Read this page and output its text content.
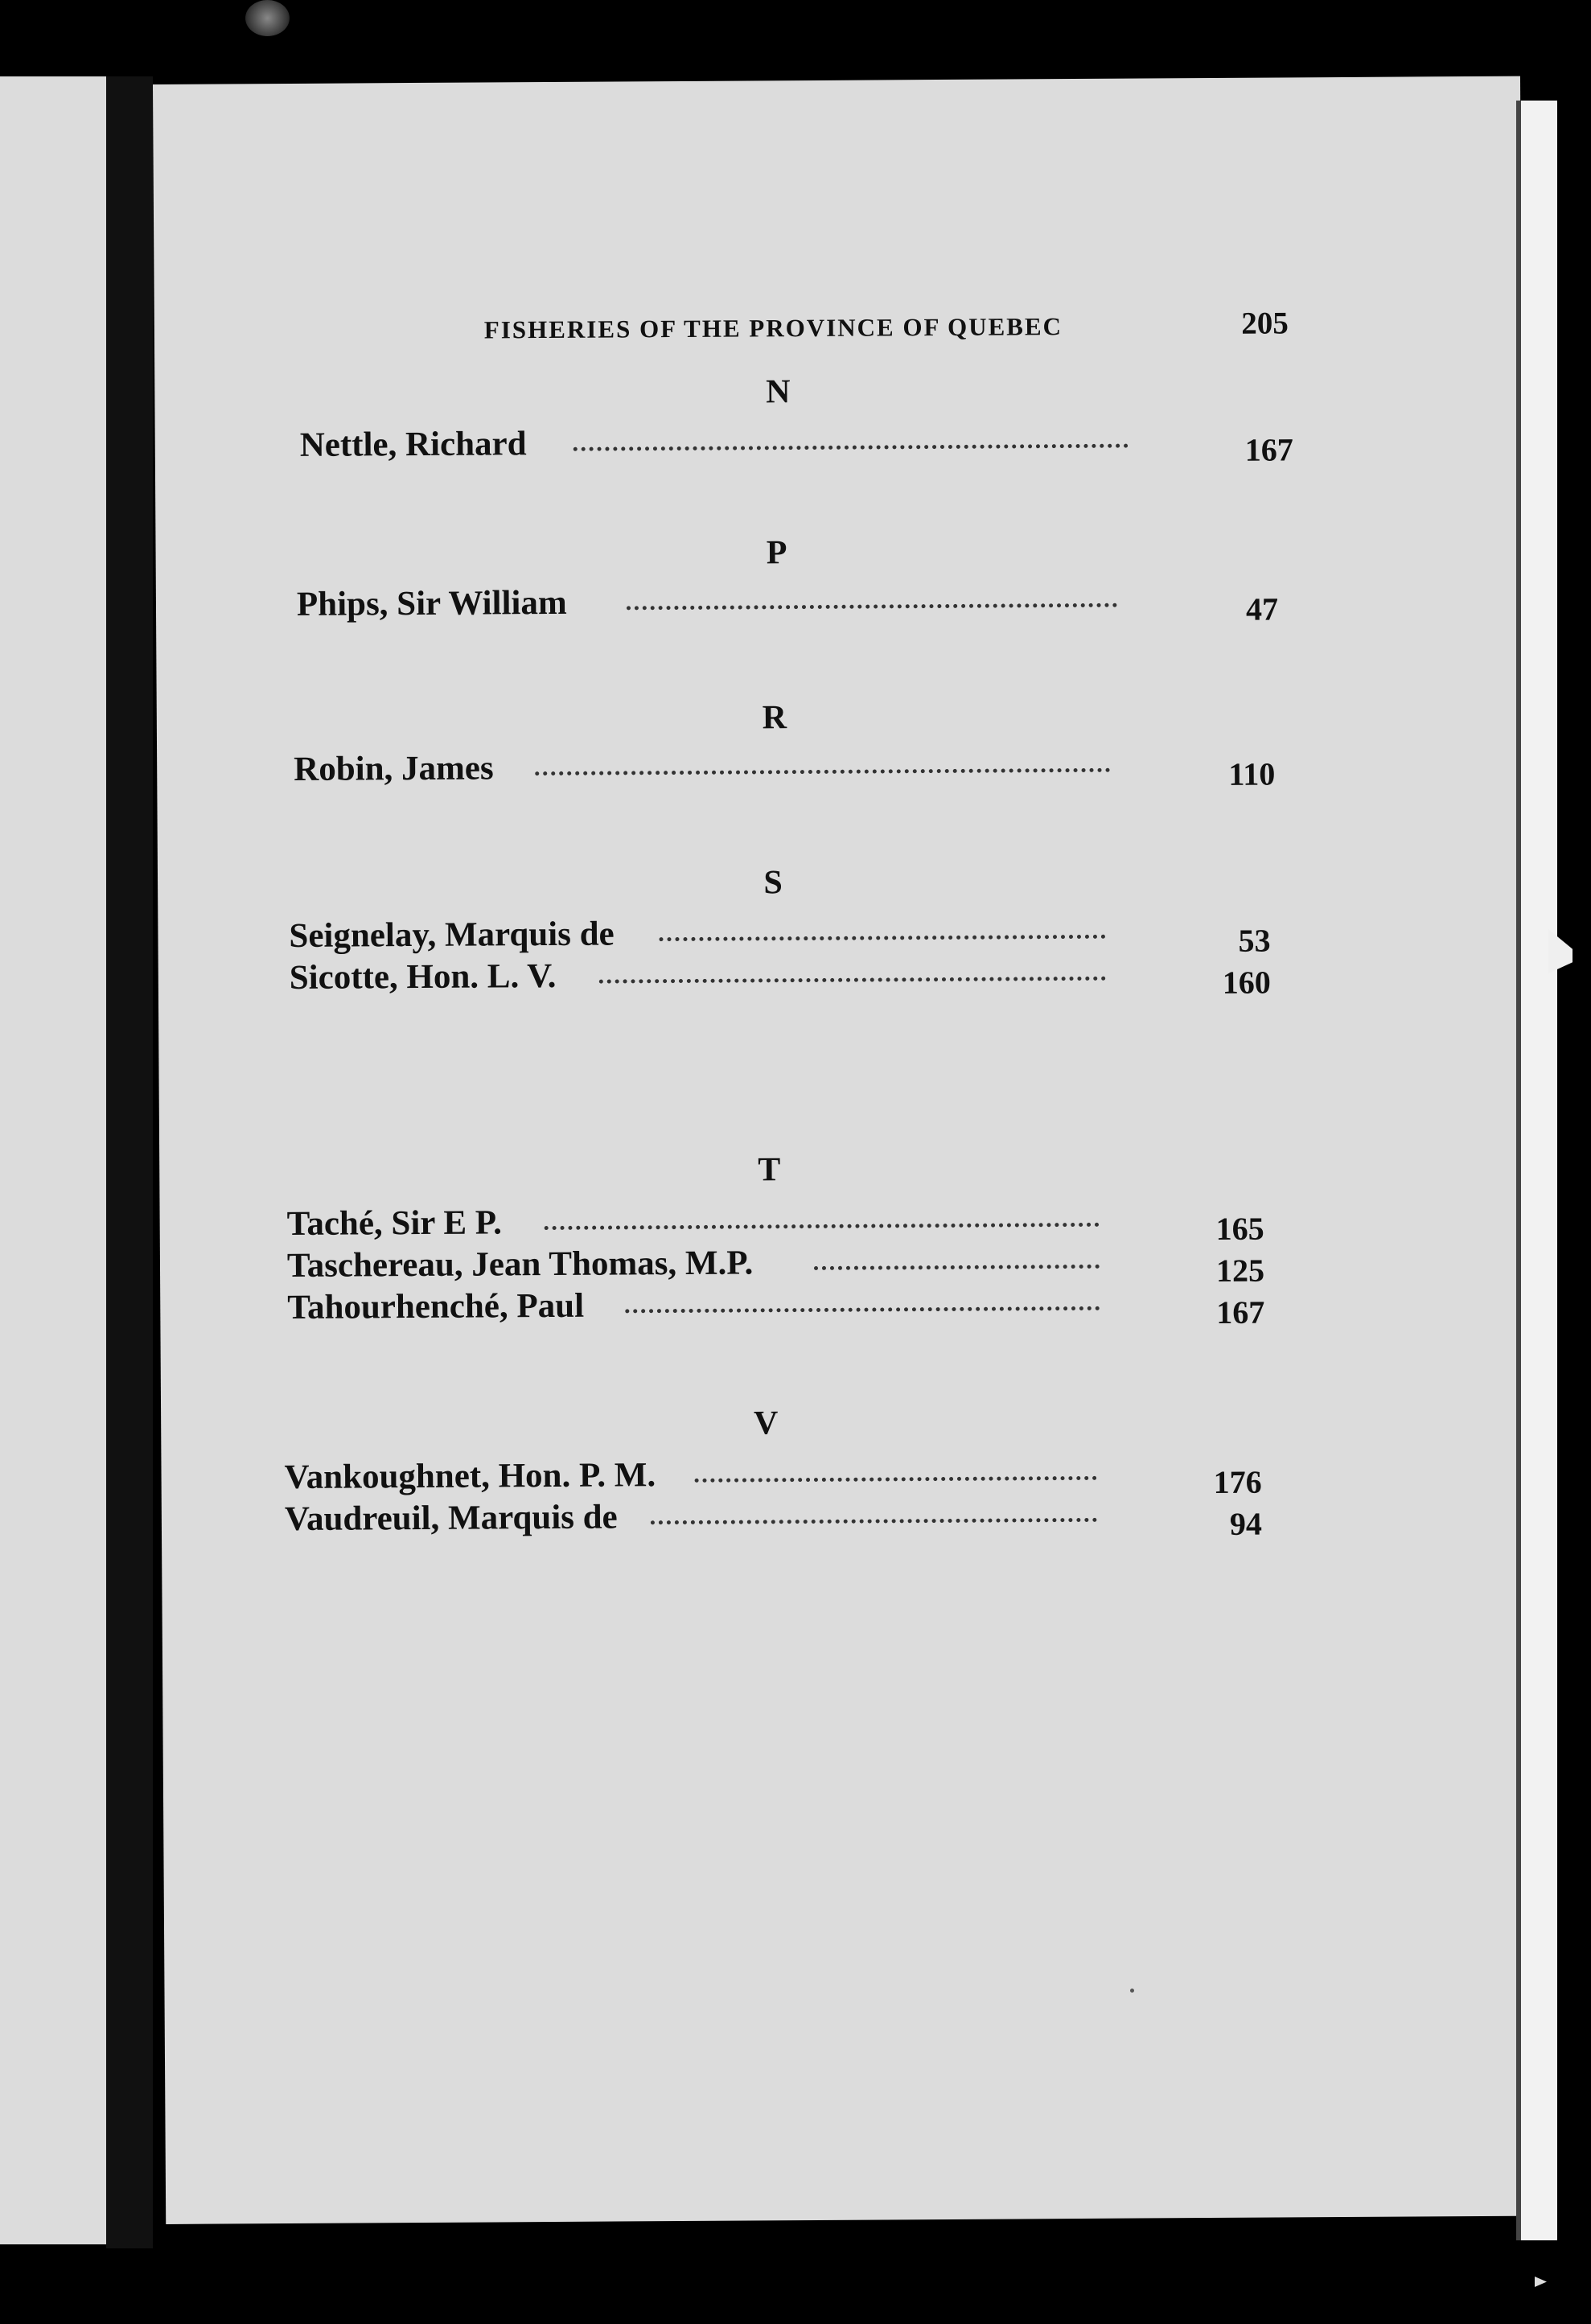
FISHERIES OF THE PROVINCE OF QUEBEC	205
N
Nettle, Richard	167
P
Phips, Sir William	47
R
Robin, James	110
S
Seignelay, Marquis de	53
Sicotte, Hon. L. V.	160
T
Taché, Sir E P.	165
Taschereau, Jean Thomas, M.P.	125
Tahourhenché, Paul	167
V
Vankoughnet, Hon. P. M.	176
Vaudreuil, Marquis de	94
